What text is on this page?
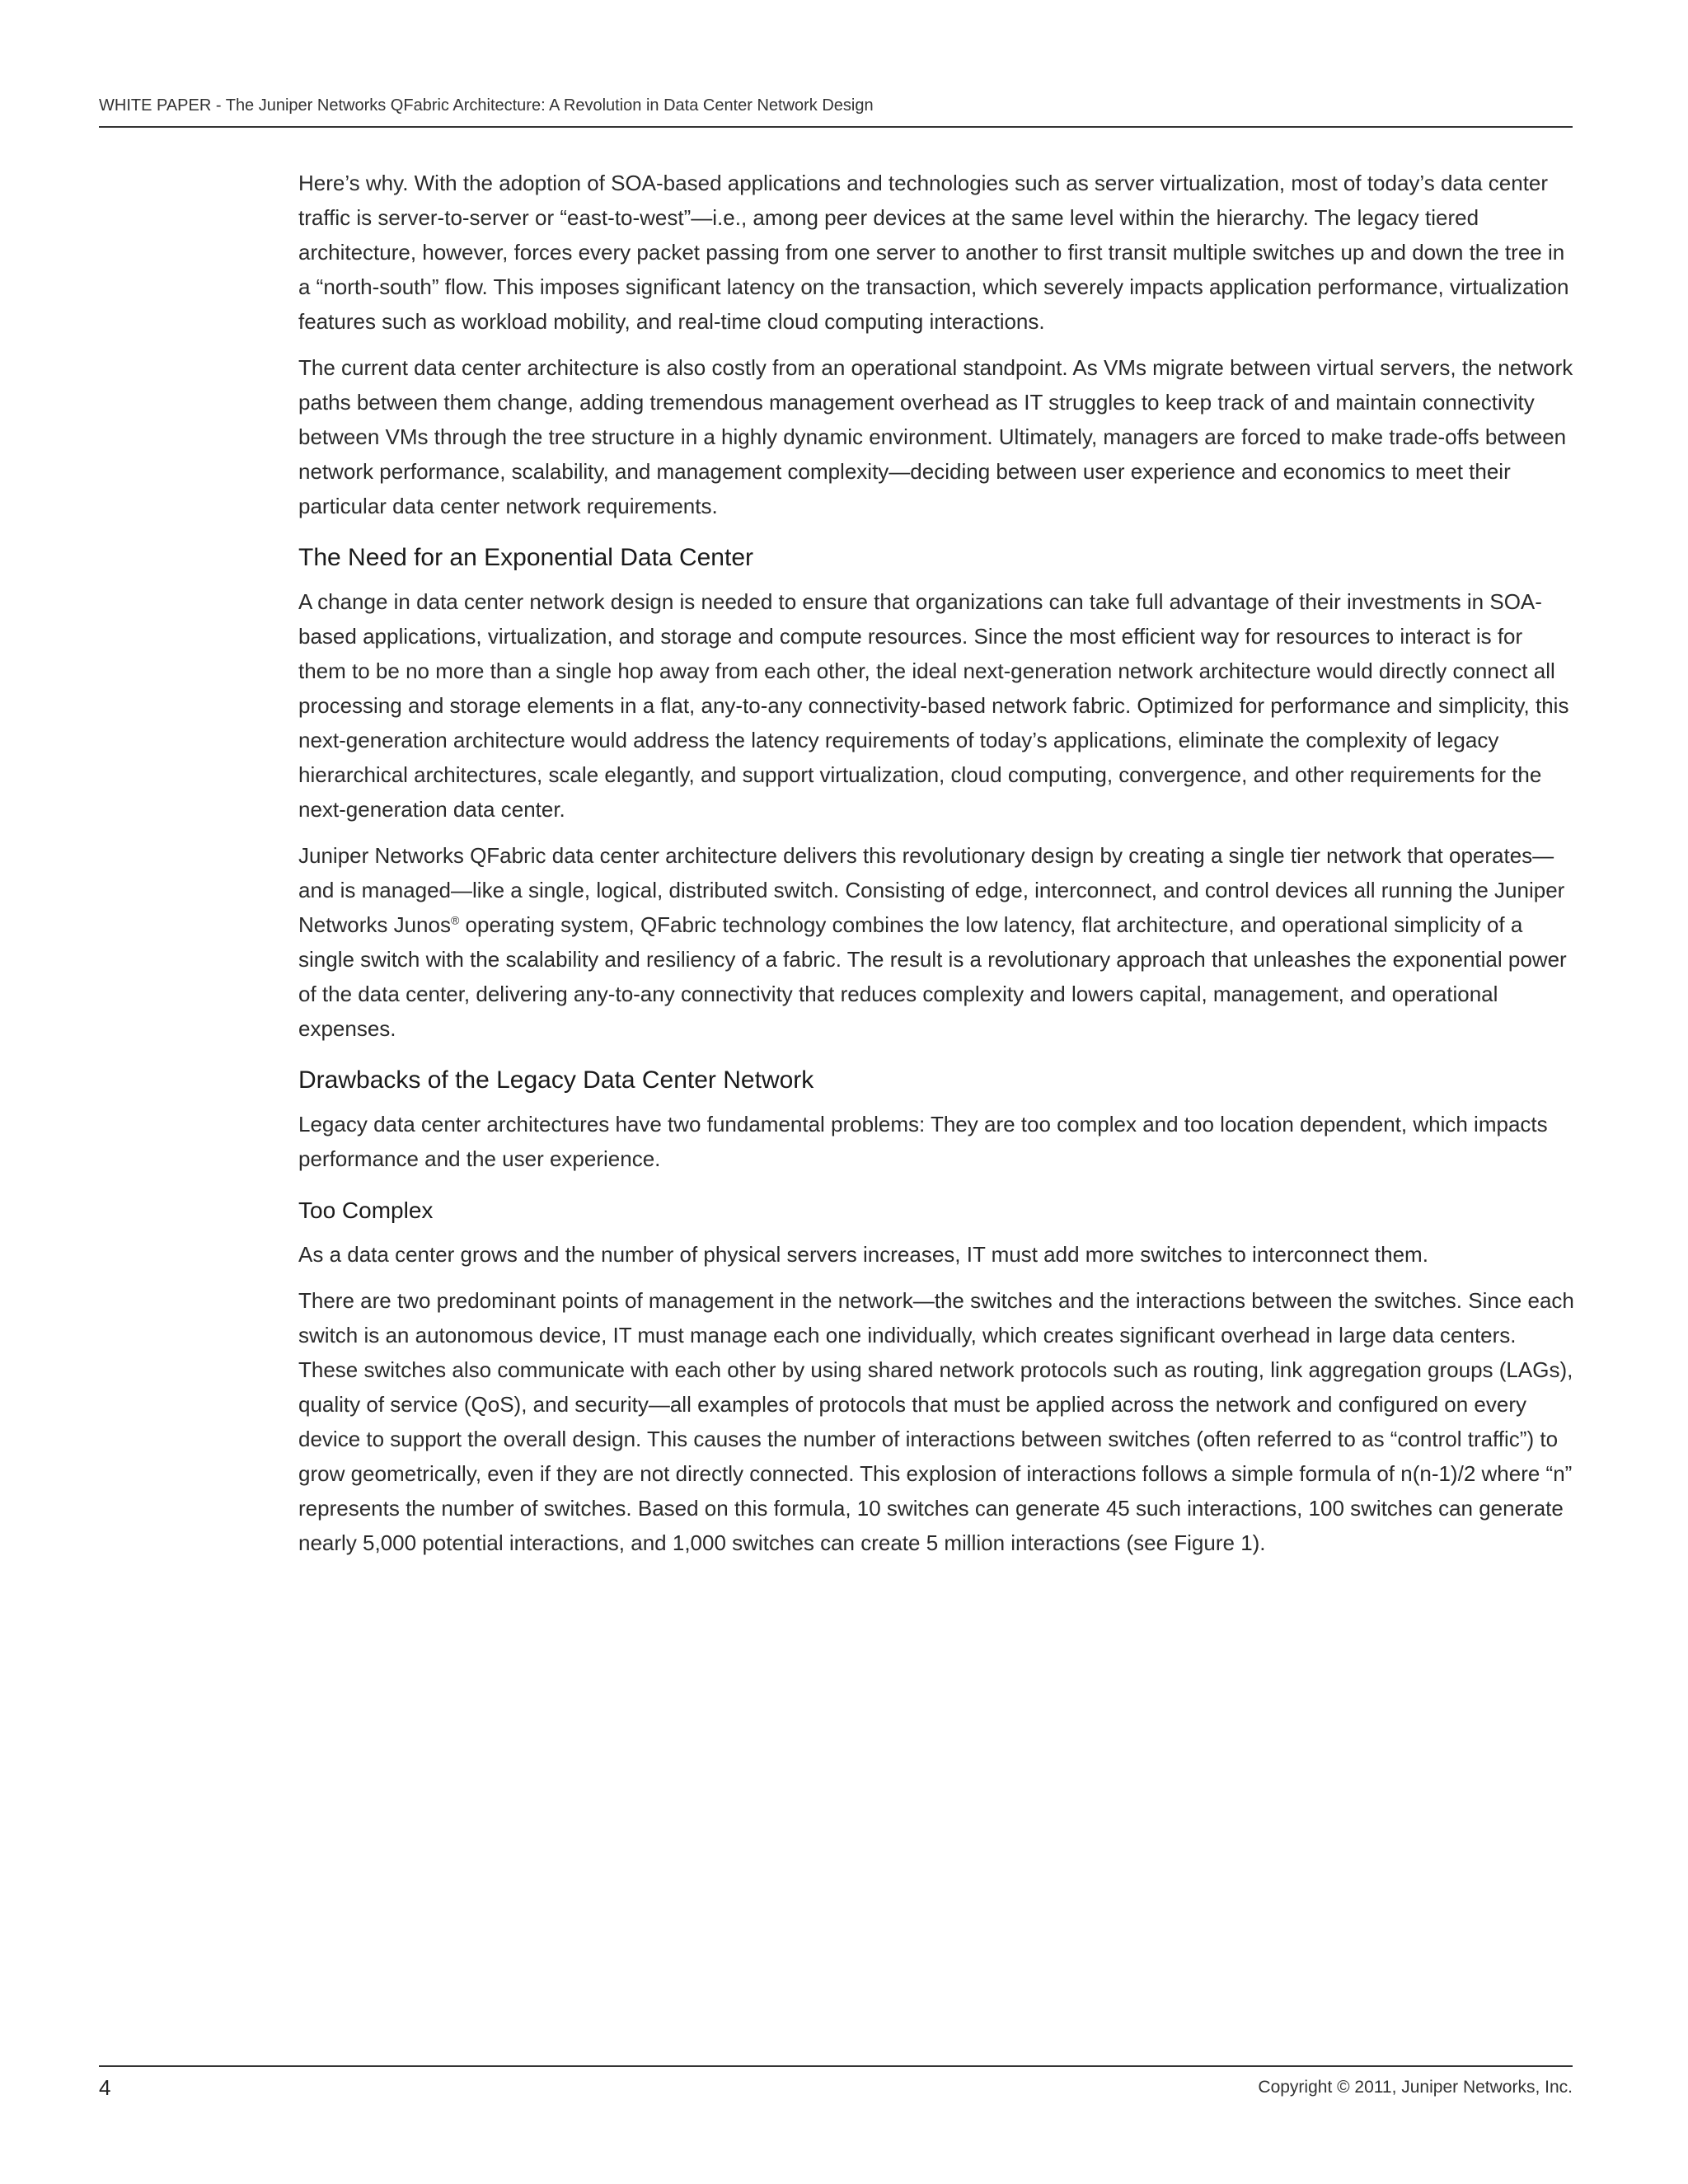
WHITE PAPER - The Juniper Networks QFabric Architecture: A Revolution in Data Center Network Design

Here’s why. With the adoption of SOA-based applications and technologies such as server virtualization, most of today’s data center traffic is server-to-server or “east-to-west”—i.e., among peer devices at the same level within the hierarchy. The legacy tiered architecture, however, forces every packet passing from one server to another to first transit multiple switches up and down the tree in a “north-south” flow. This imposes significant latency on the transaction, which severely impacts application performance, virtualization features such as workload mobility, and real-time cloud computing interactions.

The current data center architecture is also costly from an operational standpoint. As VMs migrate between virtual servers, the network paths between them change, adding tremendous management overhead as IT struggles to keep track of and maintain connectivity between VMs through the tree structure in a highly dynamic environment. Ultimately, managers are forced to make trade-offs between network performance, scalability, and management complexity—deciding between user experience and economics to meet their particular data center network requirements.

The Need for an Exponential Data Center

A change in data center network design is needed to ensure that organizations can take full advantage of their investments in SOA-based applications, virtualization, and storage and compute resources. Since the most efficient way for resources to interact is for them to be no more than a single hop away from each other, the ideal next-generation network architecture would directly connect all processing and storage elements in a flat, any-to-any connectivity-based network fabric. Optimized for performance and simplicity, this next-generation architecture would address the latency requirements of today’s applications, eliminate the complexity of legacy hierarchical architectures, scale elegantly, and support virtualization, cloud computing, convergence, and other requirements for the next-generation data center.

Juniper Networks QFabric data center architecture delivers this revolutionary design by creating a single tier network that operates—and is managed—like a single, logical, distributed switch. Consisting of edge, interconnect, and control devices all running the Juniper Networks Junos® operating system, QFabric technology combines the low latency, flat architecture, and operational simplicity of a single switch with the scalability and resiliency of a fabric. The result is a revolutionary approach that unleashes the exponential power of the data center, delivering any-to-any connectivity that reduces complexity and lowers capital, management, and operational expenses.

Drawbacks of the Legacy Data Center Network

Legacy data center architectures have two fundamental problems: They are too complex and too location dependent, which impacts performance and the user experience.

Too Complex

As a data center grows and the number of physical servers increases, IT must add more switches to interconnect them.

There are two predominant points of management in the network—the switches and the interactions between the switches. Since each switch is an autonomous device, IT must manage each one individually, which creates significant overhead in large data centers. These switches also communicate with each other by using shared network protocols such as routing, link aggregation groups (LAGs), quality of service (QoS), and security—all examples of protocols that must be applied across the network and configured on every device to support the overall design. This causes the number of interactions between switches (often referred to as “control traffic”) to grow geometrically, even if they are not directly connected. This explosion of interactions follows a simple formula of n(n-1)/2 where “n” represents the number of switches. Based on this formula, 10 switches can generate 45 such interactions, 100 switches can generate nearly 5,000 potential interactions, and 1,000 switches can create 5 million interactions (see Figure 1).

4	Copyright © 2011, Juniper Networks, Inc.
